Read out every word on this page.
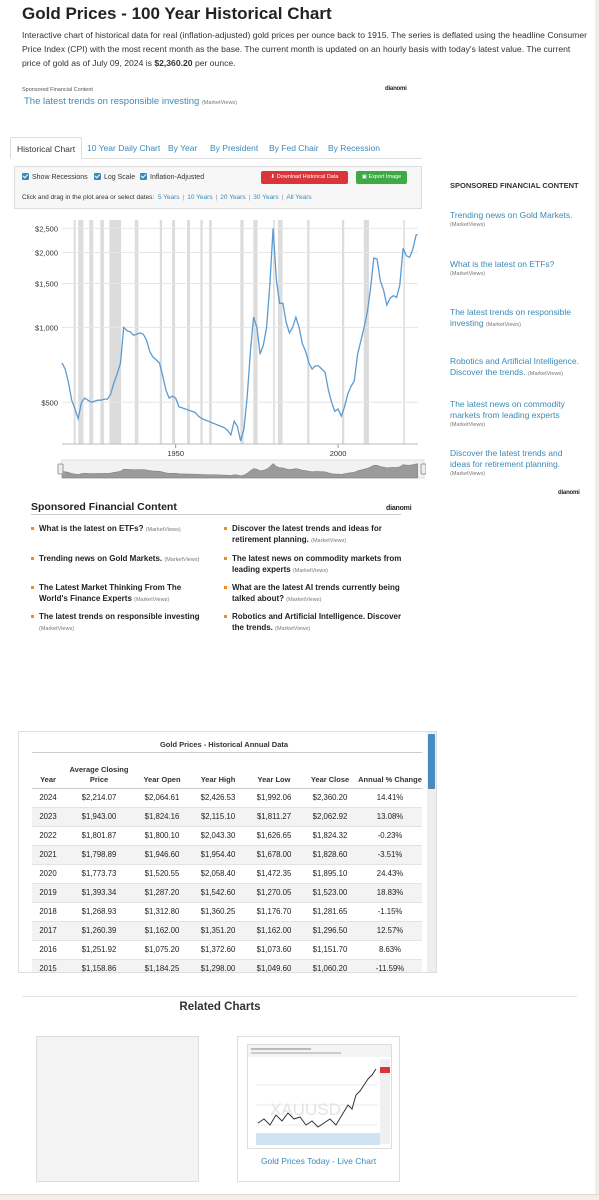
Gold Prices - 100 Year Historical Chart
Interactive chart of historical data for real (inflation-adjusted) gold prices per ounce back to 1915. The series is deflated using the headline Consumer Price Index (CPI) with the most recent month as the base. The current month is updated on an hourly basis with today's latest value. The current price of gold as of July 09, 2024 is $2,360.20 per ounce.
Sponsored Financial Content	dianomi
The latest trends on responsible investing (MarketViews)
Historical Chart	10 Year Daily Chart By Year By President By Fed Chair By Recession
Show Recessions	Log Scale	Inflation-Adjusted	⬇ Download Historical Data	▣ Export Image
Click and drag in the plot area or select dates: 5 Years | 10 Years | 20 Years | 30 Years | All Years
$500
$1,000
$1,500
$2,000
$2,500
1950	2000
SPONSORED FINANCIAL CONTENT
Trending news on Gold Markets.
(MarketViews)
What is the latest on ETFs?
(MarketViews)
The latest trends on responsible investing (MarketViews)
Robotics and Artificial Intelligence. Discover the trends. (MarketViews)
The latest news on commodity markets from leading experts
(MarketViews)
Discover the latest trends and ideas for retirement planning.
(MarketViews)
dianomi
Sponsored Financial Content	dianomi
What is the latest on ETFs? (MarketViews)	Discover the latest trends and ideas for retirement planning. (MarketViews)
Trending news on Gold Markets. (MarketViews)	The latest news on commodity markets from leading experts (MarketViews)
The Latest Market Thinking From The World's Finance Experts (MarketViews)
What are the latest AI trends currently being talked about? (MarketViews)
The latest trends on responsible investing
(MarketViews)
Robotics and Artificial Intelligence. Discover the trends. (MarketViews)
Gold Prices - Historical Annual Data
Year	Average Closing Price	Year Open	Year High	Year Low	Year Close	Annual % Change
2024	$2,214.07	$2,064.61	$2,426.53	$1,992.06	$2,360.20	14.41%
2023	$1,943.00	$1,824.16	$2,115.10	$1,811.27	$2,062.92	13.08%
2022	$1,801.87	$1,800.10	$2,043.30	$1,626.65	$1,824.32	-0.23%
2021	$1,798.89	$1,946.60	$1,954.40	$1,678.00	$1,828.60	-3.51%
2020	$1,773.73	$1,520.55	$2,058.40	$1,472.35	$1,895.10	24.43%
2019	$1,393.34	$1,287.20	$1,542.60	$1,270.05	$1,523.00	18.83%
2018	$1,268.93	$1,312.80	$1,360.25	$1,176.70	$1,281.65	-1.15%
2017	$1,260.39	$1,162.00	$1,351.20	$1,162.00	$1,296.50	12.57%
2016	$1,251.92	$1,075.20	$1,372.60	$1,073.60	$1,151.70	8.63%
2015	$1,158.86	$1,184.25	$1,298.00	$1,049.60	$1,060.20	-11.59%
Related Charts
XAUUSD
Gold Prices Today - Live Chart
